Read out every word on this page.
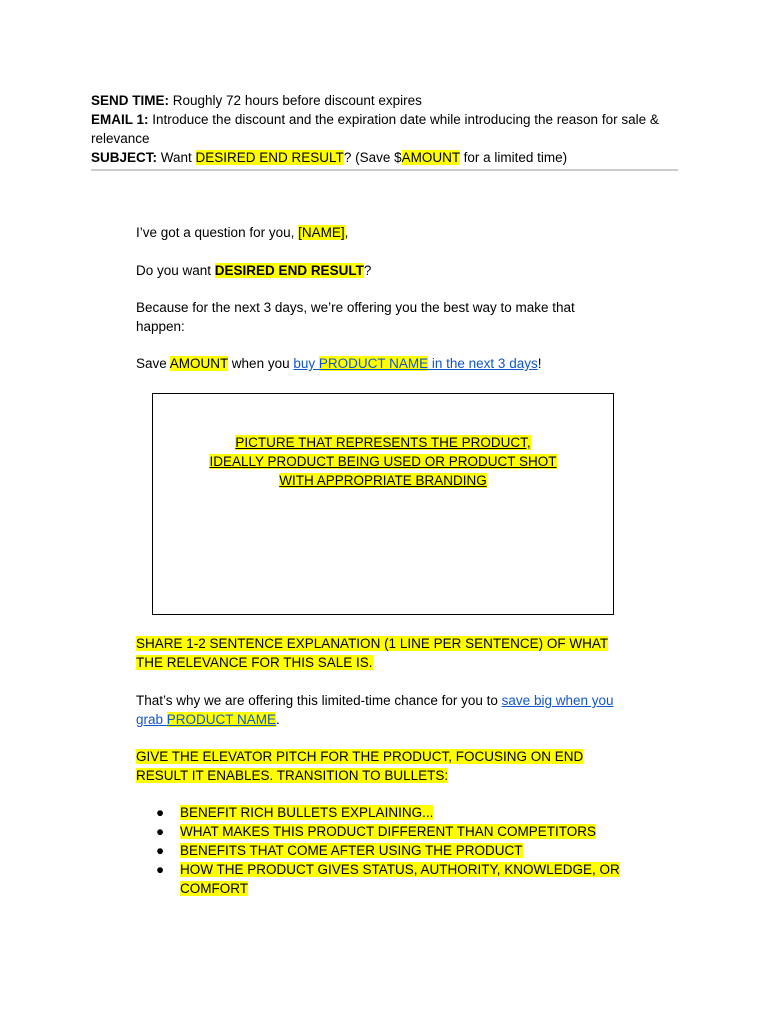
SEND TIME: Roughly 72 hours before discount expires

EMAIL 1: Introduce the discount and the expiration date while introducing the reason for sale & relevance

SUBJECT: Want DESIRED END RESULT? (Save $AMOUNT for a limited time)

I’ve got a question for you, [NAME],

Do you want DESIRED END RESULT?

Because for the next 3 days, we’re offering you the best way to make that happen:

Save AMOUNT when you buy PRODUCT NAME in the next 3 days!

PICTURE THAT REPRESENTS THE PRODUCT,
IDEALLY PRODUCT BEING USED OR PRODUCT SHOT
WITH APPROPRIATE BRANDING

SHARE 1-2 SENTENCE EXPLANATION (1 LINE PER SENTENCE) OF WHAT THE RELEVANCE FOR THIS SALE IS.

That’s why we are offering this limited-time chance for you to save big when you grab PRODUCT NAME.

GIVE THE ELEVATOR PITCH FOR THE PRODUCT, FOCUSING ON END RESULT IT ENABLES. TRANSITION TO BULLETS:

●	BENEFIT RICH BULLETS EXPLAINING...
●	WHAT MAKES THIS PRODUCT DIFFERENT THAN COMPETITORS
●	BENEFITS THAT COME AFTER USING THE PRODUCT
●	HOW THE PRODUCT GIVES STATUS, AUTHORITY, KNOWLEDGE, OR COMFORT
